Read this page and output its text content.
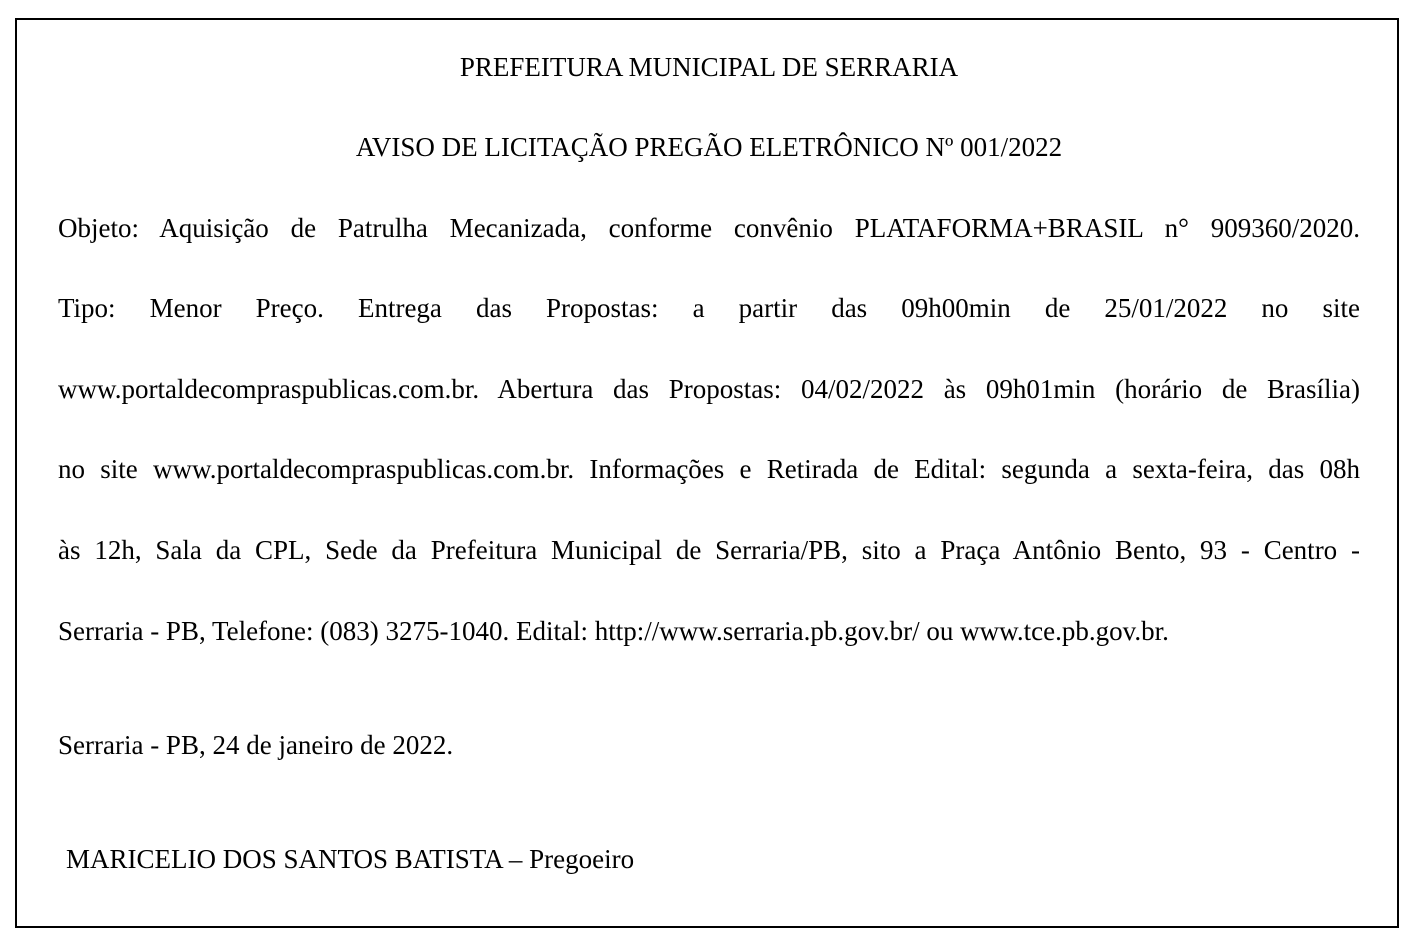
PREFEITURA MUNICIPAL DE SERRARIA
AVISO DE LICITAÇÃO PREGÃO ELETRÔNICO Nº 001/2022
Objeto: Aquisição de Patrulha Mecanizada, conforme convênio PLATAFORMA+BRASIL n° 909360/2020.
Tipo: Menor Preço. Entrega das Propostas: a partir das 09h00min de 25/01/2022 no site
www.portaldecompraspublicas.com.br. Abertura das Propostas: 04/02/2022 às 09h01min (horário de Brasília)
no site www.portaldecompraspublicas.com.br. Informações e Retirada de Edital: segunda a sexta-feira, das 08h
às 12h, Sala da CPL, Sede da Prefeitura Municipal de Serraria/PB, sito a Praça Antônio Bento, 93 - Centro -
Serraria - PB, Telefone: (083) 3275-1040. Edital: http://www.serraria.pb.gov.br/ ou www.tce.pb.gov.br.
Serraria - PB, 24 de janeiro de 2022.
MARICELIO DOS SANTOS BATISTA – Pregoeiro
